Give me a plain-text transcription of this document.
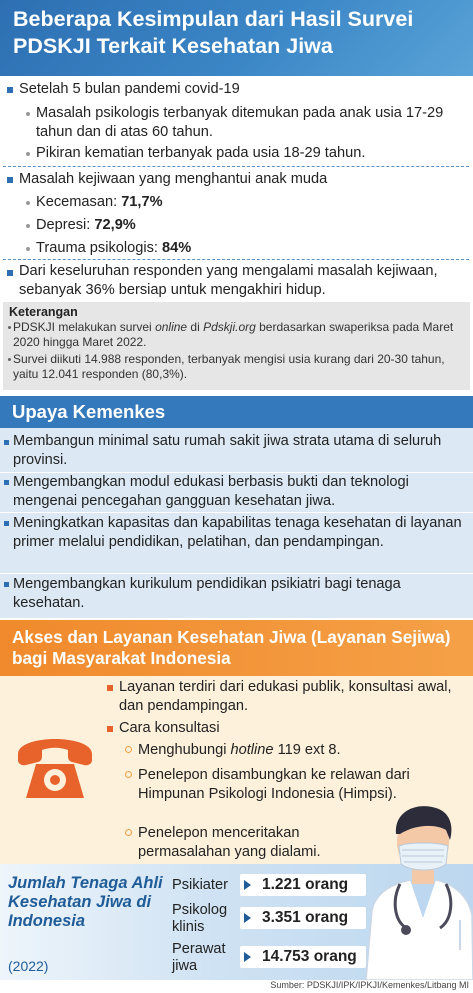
Beberapa Kesimpulan dari Hasil Survei PDSKJI Terkait Kesehatan Jiwa
Setelah 5 bulan pandemi covid-19
Masalah psikologis terbanyak ditemukan pada anak usia 17-29 tahun dan di atas 60 tahun.
Pikiran kematian terbanyak pada usia 18-29 tahun.
Masalah kejiwaan yang menghantui anak muda
Kecemasan: 71,7%
Depresi: 72,9%
Trauma psikologis: 84%
Dari keseluruhan responden yang mengalami masalah kejiwaan, sebanyak 36% bersiap untuk mengakhiri hidup.
Keterangan
PDSKJI melakukan survei online di Pdskji.org berdasarkan swaperiksa pada Maret 2020 hingga Maret 2022.
Survei diikuti 14.988 responden, terbanyak mengisi usia kurang dari 20-30 tahun, yaitu 12.041 responden (80,3%).
Upaya Kemenkes
Membangun minimal satu rumah sakit jiwa strata utama di seluruh provinsi.
Mengembangkan modul edukasi berbasis bukti dan teknologi mengenai pencegahan gangguan kesehatan jiwa.
Meningkatkan kapasitas dan kapabilitas tenaga kesehatan di layanan primer melalui pendidikan, pelatihan, dan pendampingan.
Mengembangkan kurikulum pendidikan psikiatri bagi tenaga kesehatan.
Akses dan Layanan Kesehatan Jiwa (Layanan Sejiwa) bagi Masyarakat Indonesia
Layanan terdiri dari edukasi publik, konsultasi awal, dan pendampingan.
Cara konsultasi
Menghubungi hotline 119 ext 8.
Penelepon disambungkan ke relawan dari Himpunan Psikologi Indonesia (Himpsi).
Penelepon menceritakan permasalahan yang dialami.
Jumlah Tenaga Ahli Kesehatan Jiwa di Indonesia
(2022)
Psikiater 1.221 orang
Psikolog klinis
3.351 orang
Perawat jiwa
14.753 orang
Sumber: PDSKJI/IPK/IPKJI/Kemenkes/Litbang MI
